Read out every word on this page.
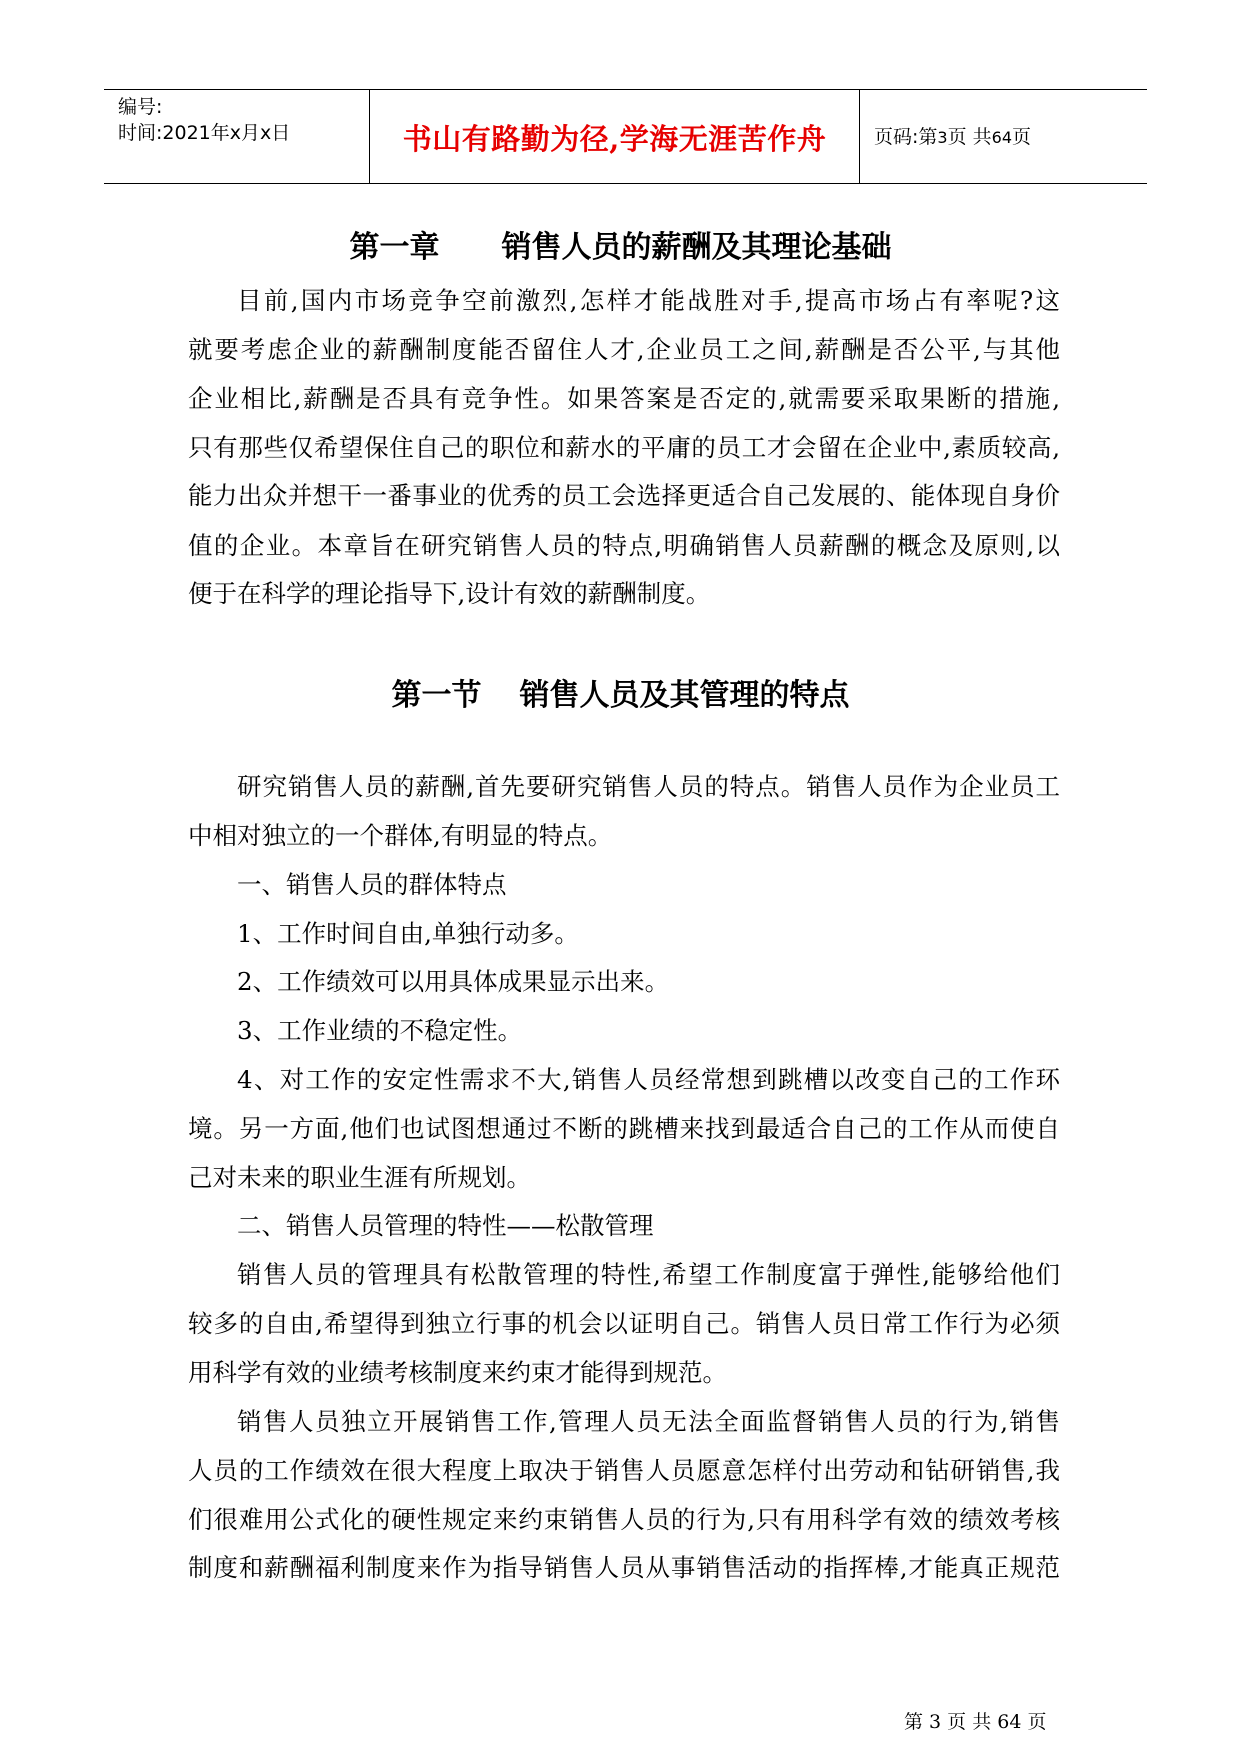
编号:
时间:2021年x月x日	书山有路勤为径,学海无涯苦作舟	页码:第3页 共64页
第一章 销售人员的薪酬及其理论基础
目前,国内市场竞争空前激烈,怎样才能战胜对手,提高市场占有率呢?这
就要考虑企业的薪酬制度能否留住人才,企业员工之间,薪酬是否公平,与其他
企业相比,薪酬是否具有竞争性。如果答案是否定的,就需要采取果断的措施,
只有那些仅希望保住自己的职位和薪水的平庸的员工才会留在企业中,素质较高,
能力出众并想干一番事业的优秀的员工会选择更适合自己发展的、能体现自身价
值的企业。本章旨在研究销售人员的特点,明确销售人员薪酬的概念及原则,以
便于在科学的理论指导下,设计有效的薪酬制度。
第一节 销售人员及其管理的特点
研究销售人员的薪酬,首先要研究销售人员的特点。销售人员作为企业员工
中相对独立的一个群体,有明显的特点。
一、销售人员的群体特点
1、工作时间自由,单独行动多。
2、工作绩效可以用具体成果显示出来。
3、工作业绩的不稳定性。
4、对工作的安定性需求不大,销售人员经常想到跳槽以改变自己的工作环
境。另一方面,他们也试图想通过不断的跳槽来找到最适合自己的工作从而使自
己对未来的职业生涯有所规划。
二、销售人员管理的特性——松散管理
销售人员的管理具有松散管理的特性,希望工作制度富于弹性,能够给他们
较多的自由,希望得到独立行事的机会以证明自己。销售人员日常工作行为必须
用科学有效的业绩考核制度来约束才能得到规范。
销售人员独立开展销售工作,管理人员无法全面监督销售人员的行为,销售
人员的工作绩效在很大程度上取决于销售人员愿意怎样付出劳动和钻研销售,我
们很难用公式化的硬性规定来约束销售人员的行为,只有用科学有效的绩效考核
制度和薪酬福利制度来作为指导销售人员从事销售活动的指挥棒,才能真正规范
第 3 页 共 64 页
